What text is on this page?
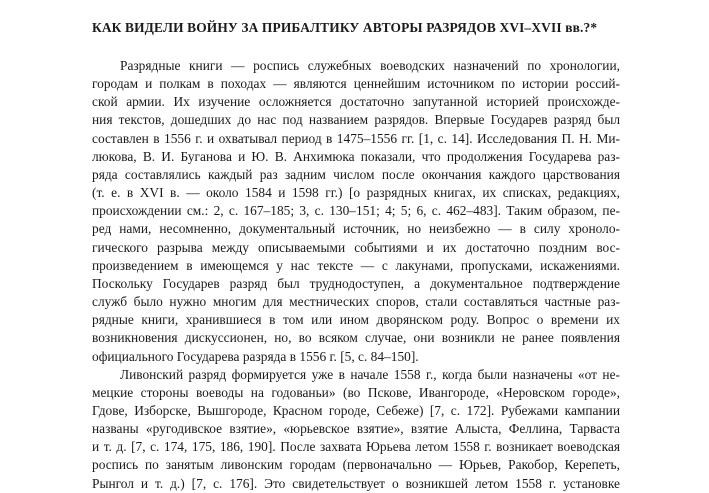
КАК ВИДЕЛИ ВОЙНУ ЗА ПРИБАЛТИКУ АВТОРЫ РАЗРЯДОВ XVI–XVII вв.?*

Разрядные книги — роспись служебных воеводских назначений по хронологии,
городам и полкам в походах — являются ценнейшим источником по истории россий-
ской армии. Их изучение осложняется достаточно запутанной историей происхожде-
ния текстов, дошедших до нас под названием разрядов. Впервые Государев разряд был
составлен в 1556 г. и охватывал период в 1475–1556 гг. [1, с. 14]. Исследования П. Н. Ми-
люкова, В. И. Буганова и Ю. В. Анхимюка показали, что продолжения Государева раз-
ряда составлялись каждый раз задним числом после окончания каждого царствования
(т. е. в XVI в. — около 1584 и 1598 гг.) [о разрядных книгах, их списках, редакциях,
происхождении см.: 2, с. 167–185; 3, с. 130–151; 4; 5; 6, с. 462–483]. Таким образом, пе-
ред нами, несомненно, документальный источник, но неизбежно — в силу хроноло-
гического разрыва между описываемыми событиями и их достаточно поздним вос-
произведением в имеющемся у нас тексте — с лакунами, пропусками, искажениями.
Поскольку Государев разряд был труднодоступен, а документальное подтверждение
служб было нужно многим для местнических споров, стали составляться частные раз-
рядные книги, хранившиеся в том или ином дворянском роду. Вопрос о времени их
возникновения дискуссионен, но, во всяком случае, они возникли не ранее появления
официального Государева разряда в 1556 г. [5, с. 84–150].

Ливонский разряд формируется уже в начале 1558 г., когда были назначены «от не-
мецкие стороны воеводы на годованьи» (во Пскове, Ивангороде, «Неровском городе»,
Гдове, Изборске, Вышгороде, Красном городе, Себеже) [7, с. 172]. Рубежами кампании
названы «ругодивское взятие», «юрьевское взятие», взятие Алыста, Феллина, Тарваста
и т. д. [7, с. 174, 175, 186, 190]. После захвата Юрьева летом 1558 г. возникает воеводская
роспись по занятым ливонским городам (первоначально — Юрьев, Ракобор, Керепеть,
Рынгол и т. д.) [7, с. 176]. Это свидетельствует о возникшей летом 1558 г. установке
